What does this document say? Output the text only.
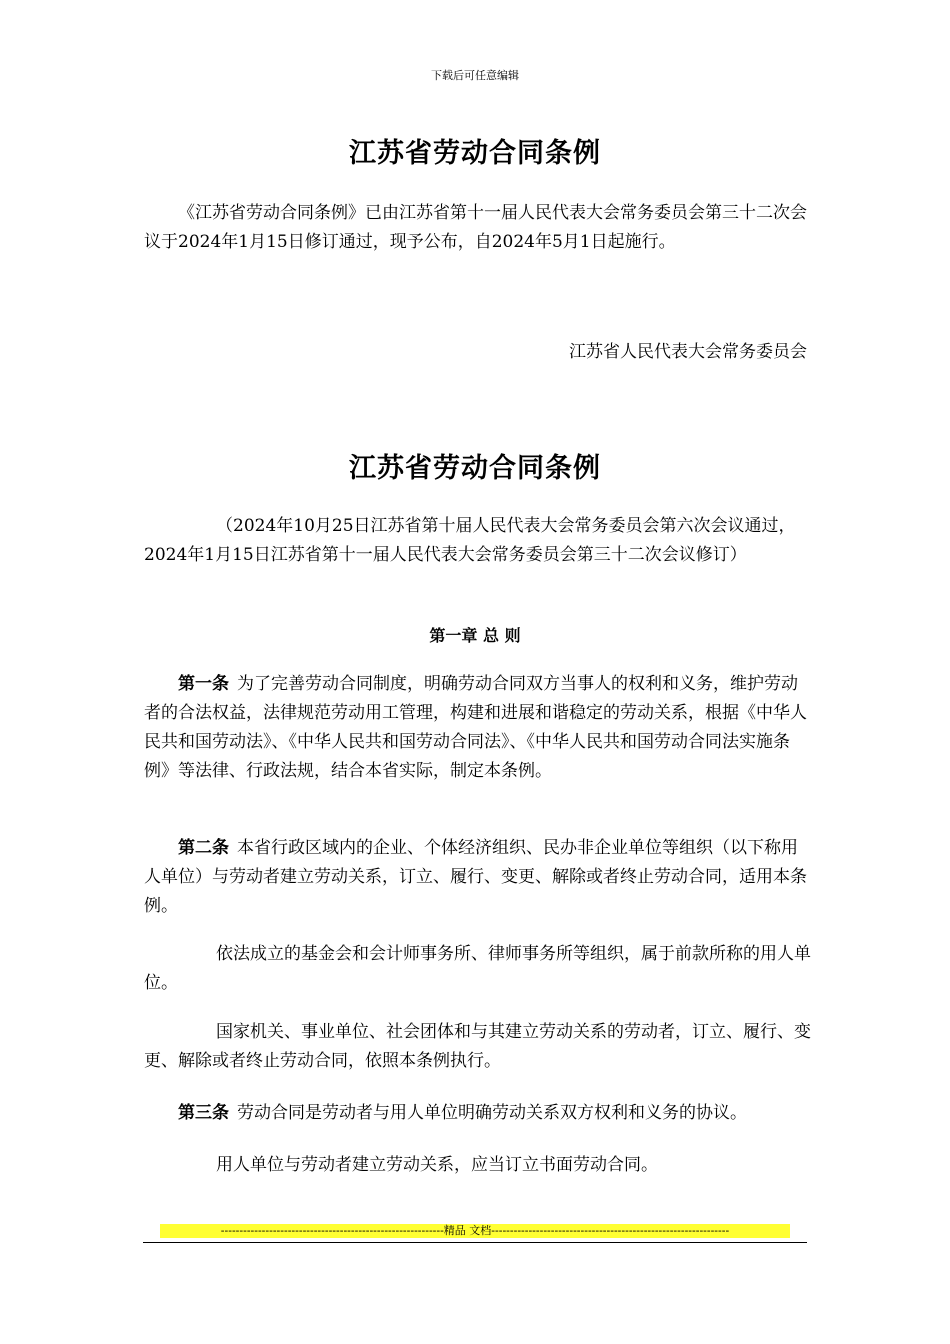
下载后可任意编辑
江苏省劳动合同条例

《江苏省劳动合同条例》已由江苏省第十一届人民代表大会常务委员会第三十二次会议于2024年1月15日修订通过，现予公布，自2024年5月1日起施行。

江苏省人民代表大会常务委员会
江苏省劳动合同条例

（2024年10月25日江苏省第十届人民代表大会常务委员会第六次会议通过，2024年1月15日江苏省第十一届人民代表大会常务委员会第三十二次会议修订）

第一章 总 则

第一条 为了完善劳动合同制度，明确劳动合同双方当事人的权利和义务，维护劳动者的合法权益，法律规范劳动用工管理，构建和进展和谐稳定的劳动关系，根据《中华人民共和国劳动法》、《中华人民共和国劳动合同法》、《中华人民共和国劳动合同法实施条例》等法律、行政法规，结合本省实际，制定本条例。

第二条 本省行政区域内的企业、个体经济组织、民办非企业单位等组织（以下称用人单位）与劳动者建立劳动关系，订立、履行、变更、解除或者终止劳动合同，适用本条例。

依法成立的基金会和会计师事务所、律师事务所等组织，属于前款所称的用人单位。

国家机关、事业单位、社会团体和与其建立劳动关系的劳动者，订立、履行、变更、解除或者终止劳动合同，依照本条例执行。

第三条 劳动合同是劳动者与用人单位明确劳动关系双方权利和义务的协议。

用人单位与劳动者建立劳动关系，应当订立书面劳动合同。

------------------------------------------------------------精品 文档----------------------------------------------------------------
